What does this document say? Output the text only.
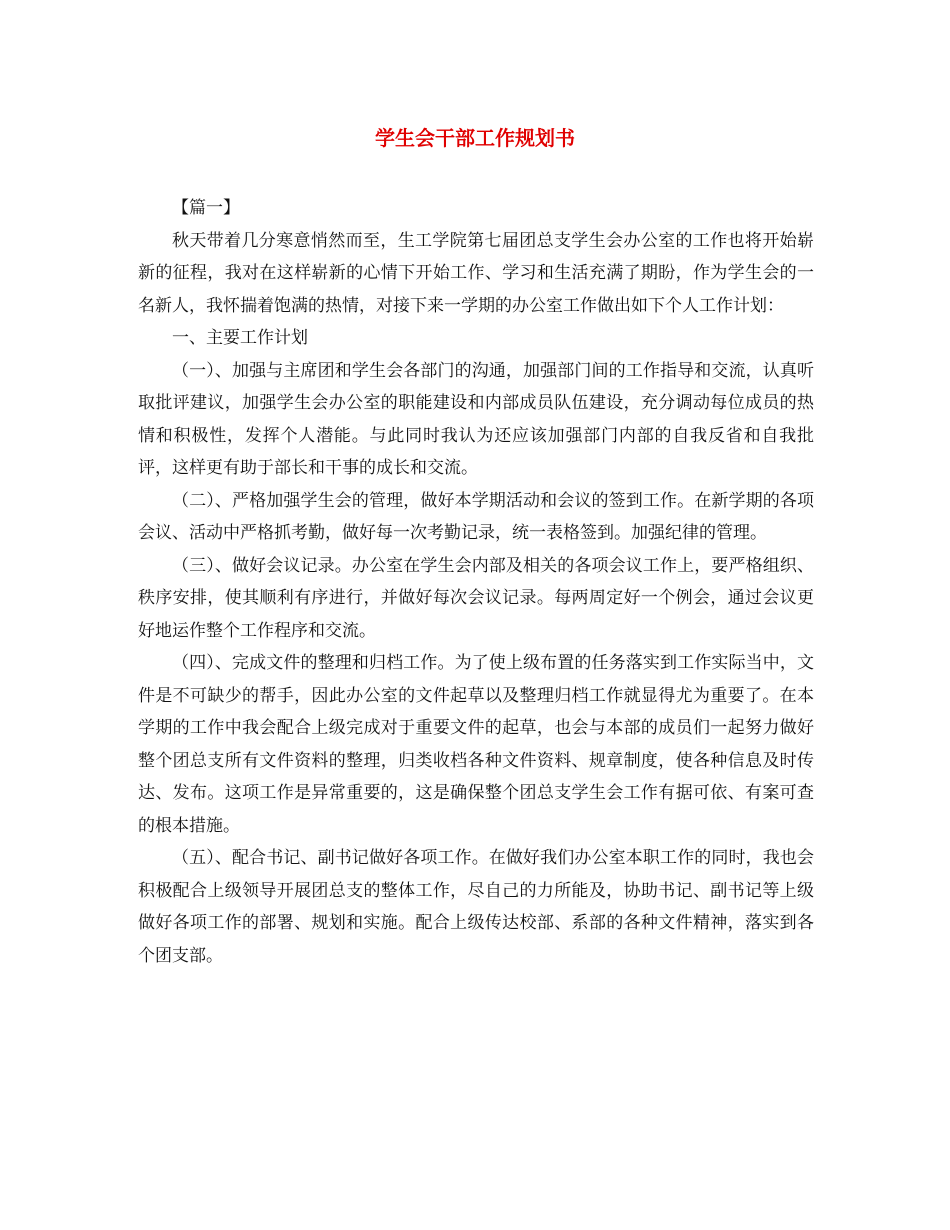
学生会干部工作规划书

【篇一】

秋天带着几分寒意悄然而至，生工学院第七届团总支学生会办公室的工作也将开始崭新的征程，我对在这样崭新的心情下开始工作、学习和生活充满了期盼，作为学生会的一名新人，我怀揣着饱满的热情，对接下来一学期的办公室工作做出如下个人工作计划：

一、主要工作计划

（一）、加强与主席团和学生会各部门的沟通，加强部门间的工作指导和交流，认真听取批评建议，加强学生会办公室的职能建设和内部成员队伍建设，充分调动每位成员的热情和积极性，发挥个人潜能。与此同时我认为还应该加强部门内部的自我反省和自我批评，这样更有助于部长和干事的成长和交流。

（二）、严格加强学生会的管理，做好本学期活动和会议的签到工作。在新学期的各项会议、活动中严格抓考勤，做好每一次考勤记录，统一表格签到。加强纪律的管理。

（三）、做好会议记录。办公室在学生会内部及相关的各项会议工作上，要严格组织、秩序安排，使其顺利有序进行，并做好每次会议记录。每两周定好一个例会，通过会议更好地运作整个工作程序和交流。

（四）、完成文件的整理和归档工作。为了使上级布置的任务落实到工作实际当中，文件是不可缺少的帮手，因此办公室的文件起草以及整理归档工作就显得尤为重要了。在本学期的工作中我会配合上级完成对于重要文件的起草，也会与本部的成员们一起努力做好整个团总支所有文件资料的整理，归类收档各种文件资料、规章制度，使各种信息及时传达、发布。这项工作是异常重要的，这是确保整个团总支学生会工作有据可依、有案可查的根本措施。

（五）、配合书记、副书记做好各项工作。在做好我们办公室本职工作的同时，我也会积极配合上级领导开展团总支的整体工作，尽自己的力所能及，协助书记、副书记等上级做好各项工作的部署、规划和实施。配合上级传达校部、系部的各种文件精神，落实到各个团支部。
